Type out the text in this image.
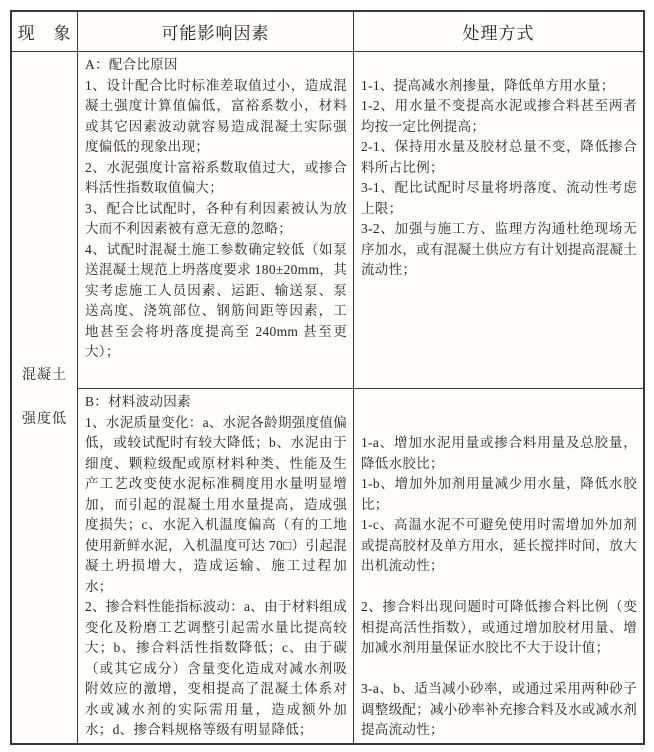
现　象	可能影响因素	处理方式

混凝土

强度低

A：配合比原因

1、设计配合比时标准差取值过小，造成混凝土强度计算值偏低，富裕系数小，材料或其它因素波动就容易造成混凝土实际强度偏低的现象出现；

2、水泥强度计富裕系数取值过大，或掺合料活性指数取值偏大；

3、配合比试配时，各种有利因素被认为放大而不利因素被有意无意的忽略；

4、试配时混凝土施工参数确定较低（如泵送混凝土规范上坍落度要求 180±20mm，其实考虑施工人员因素、运距、输送泵、泵送高度、浇筑部位、钢筋间距等因素，工地甚至会将坍落度提高至 240mm 甚至更大）；

1-1、提高减水剂掺量，降低单方用水量；

1-2、用水量不变提高水泥或掺合料甚至两者均按一定比例提高；

2-1、保持用水量及胶材总量不变，降低掺合料所占比例；

3-1、配比试配时尽量将坍落度、流动性考虑上限；

3-2、加强与施工方、监理方沟通杜绝现场无序加水，或有混凝土供应方有计划提高混凝土流动性；

B：材料波动因素

1、水泥质量变化：a、水泥各龄期强度值偏低，或较试配时有较大降低；b、水泥由于细度、颗粒级配或原材料种类、性能及生产工艺改变使水泥标准稠度用水量明显增加，而引起的混凝土用水量提高，造成强度损失；c、水泥入机温度偏高（有的工地使用新鲜水泥，入机温度可达 70□）引起混凝土坍损增大，造成运输、施工过程加水；

2、掺合料性能指标波动：a、由于材料组成变化及粉磨工艺调整引起需水量比提高较大；b、掺合料活性指数降低；c、由于碳（或其它成分）含量变化造成对减水剂吸附效应的激增，变相提高了混凝土体系对水或减水剂的实际需用量，造成额外加水；d、掺合料规格等级有明显降低；

1-a、增加水泥用量或掺合料用量及总胶量，降低水胶比；

1-b、增加外加剂用量减少用水量，降低水胶比；

1-c、高温水泥不可避免使用时需增加外加剂或提高胶材及单方用水，延长搅拌时间，放大出机流动性；

2、掺合料出现问题时可降低掺合料比例（变相提高活性指数），或通过增加胶材用量、增加减水剂用量保证水胶比不大于设计值；

3-a、b、适当减小砂率，或通过采用两种砂子调整级配；减小砂率补充掺合料及水或减水剂提高流动性；
